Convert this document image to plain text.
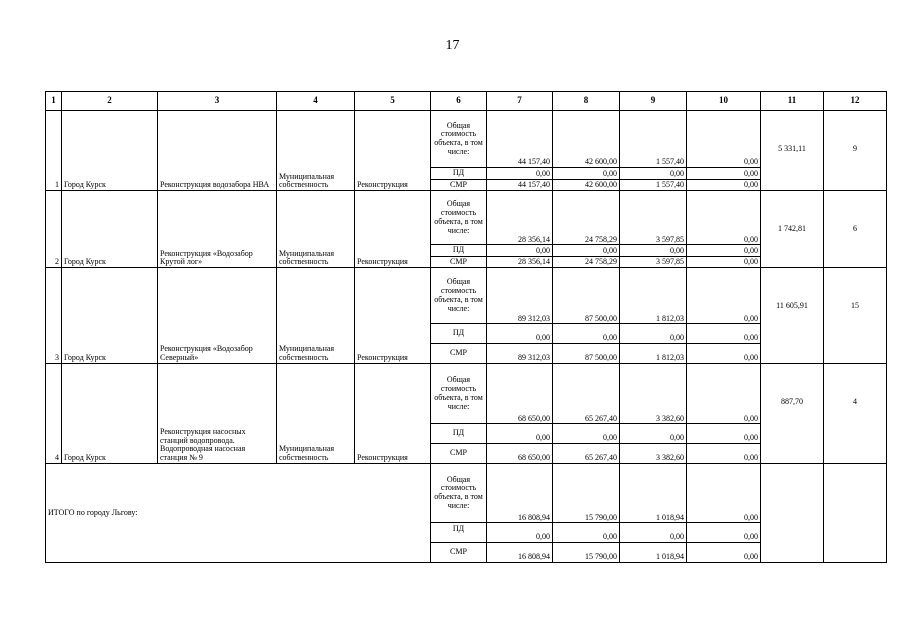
17
1	2	3	4	5	6	7	8	9	10	11	12
1	Город Курск	Реконструкция водозабора НВА	Муниципальная собственность	Реконструкция	Общая стоимость объекта, в том числе:	44 157,40	42 600,00	1 557,40	0,00	5 331,11	9
					ПД	0,00	0,00	0,00	0,00		
					СМР	44 157,40	42 600,00	1 557,40	0,00		
2	Город Курск	Реконструкция «Водозабор Крутой лог»	Муниципальная собственность	Реконструкция	Общая стоимость объекта, в том числе:	28 356,14	24 758,29	3 597,85	0,00	1 742,81	6
					ПД	0,00	0,00	0,00	0,00		
					СМР	28 356,14	24 758,29	3 597,85	0,00		
3	Город Курск	Реконструкция «Водозабор Северный»	Муниципальная собственность	Реконструкция	Общая стоимость объекта, в том числе:	89 312,03	87 500,00	1 812,03	0,00	11 605,91	15
					ПД	0,00	0,00	0,00	0,00		
					СМР	89 312,03	87 500,00	1 812,03	0,00		
4	Город Курск	Реконструкция насосных станций водопровода. Водопроводная насосная станция № 9	Муниципальная собственность	Реконструкция	Общая стоимость объекта, в том числе:	68 650,00	65 267,40	3 382,60	0,00	887,70	4
					ПД	0,00	0,00	0,00	0,00		
					СМР	68 650,00	65 267,40	3 382,60	0,00		
ИТОГО по городу Льгову:					Общая стоимость объекта, в том числе:	16 808,94	15 790,00	1 018,94	0,00		
					ПД	0,00	0,00	0,00	0,00		
					СМР	16 808,94	15 790,00	1 018,94	0,00		
